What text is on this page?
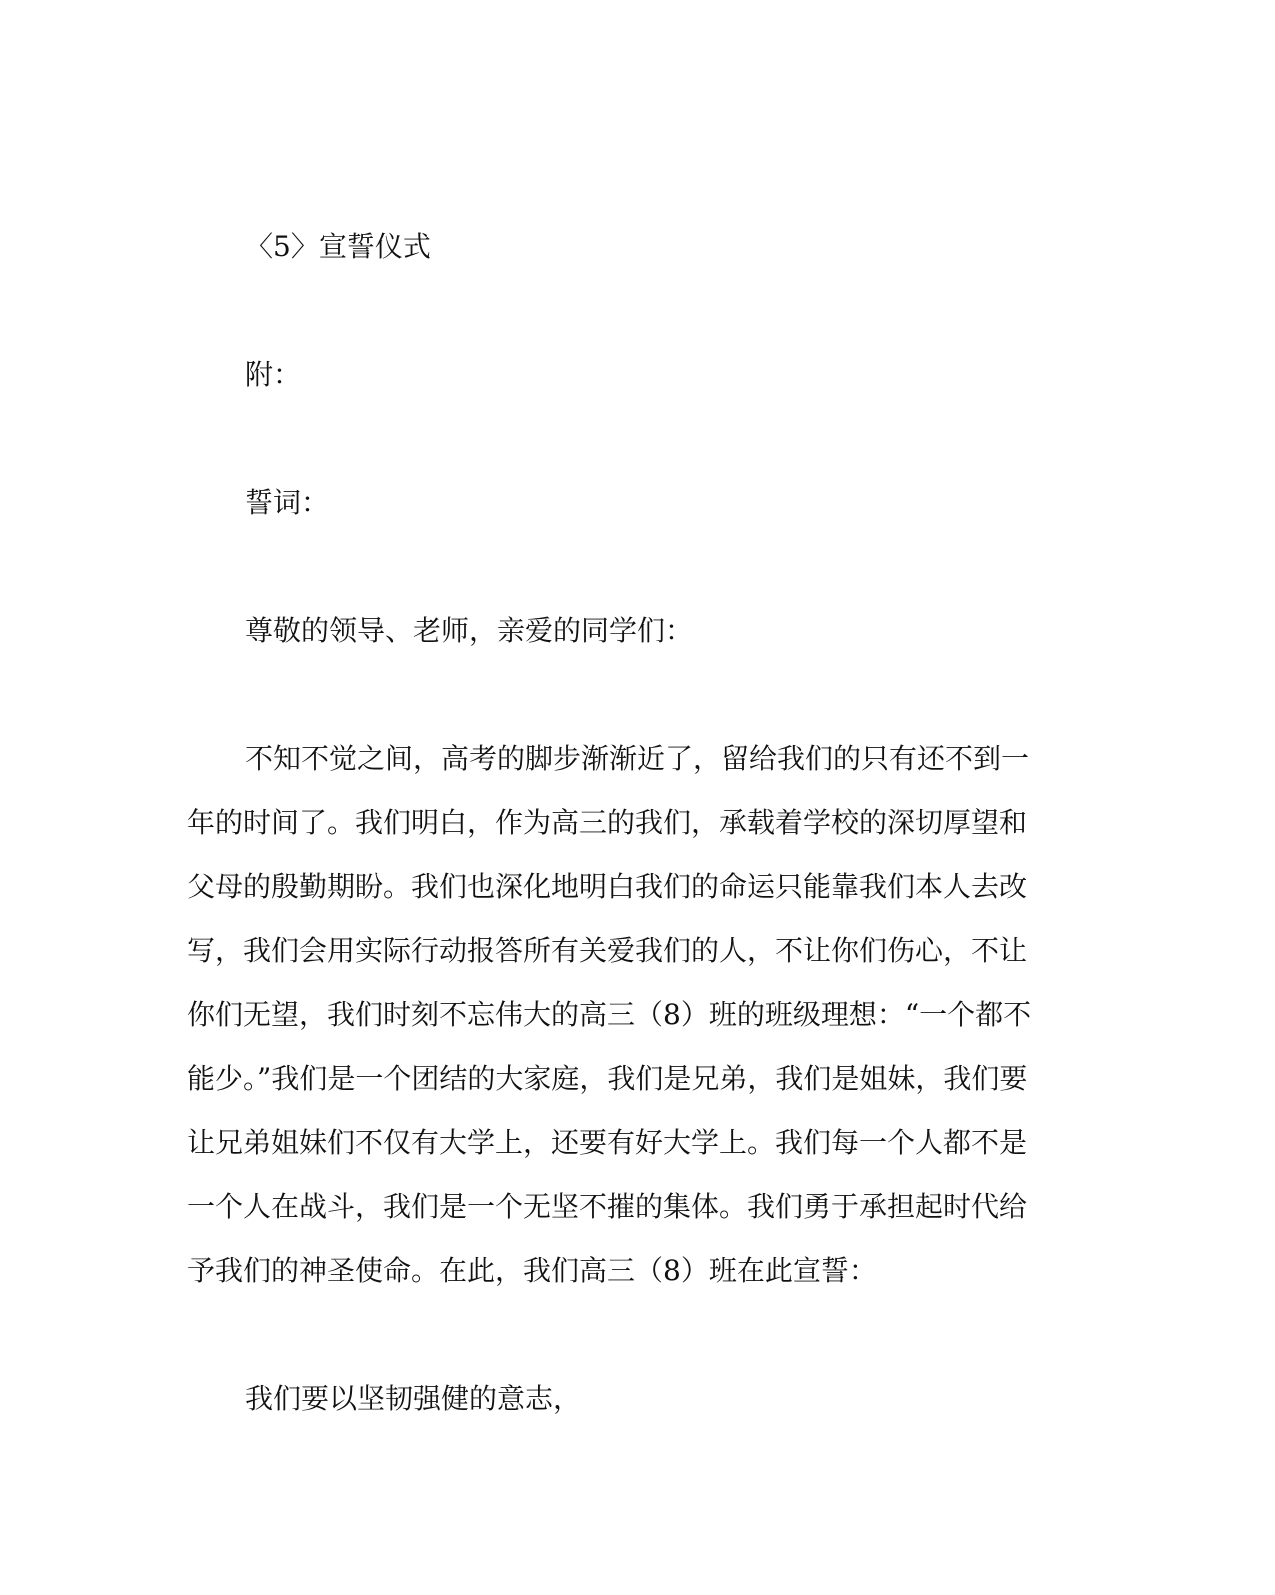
〈5〉宣誓仪式
附：
誓词：
尊敬的领导、老师，亲爱的同学们：
不知不觉之间，高考的脚步渐渐近了，留给我们的只有还不到一
年的时间了。我们明白，作为高三的我们，承载着学校的深切厚望和
父母的殷勤期盼。我们也深化地明白我们的命运只能靠我们本人去改
写，我们会用实际行动报答所有关爱我们的人，不让你们伤心，不让
你们无望，我们时刻不忘伟大的高三（8）班的班级理想：“一个都不
能少。”我们是一个团结的大家庭，我们是兄弟，我们是姐妹，我们要
让兄弟姐妹们不仅有大学上，还要有好大学上。我们每一个人都不是
一个人在战斗，我们是一个无坚不摧的集体。我们勇于承担起时代给
予我们的神圣使命。在此，我们高三（8）班在此宣誓：
我们要以坚韧强健的意志，
